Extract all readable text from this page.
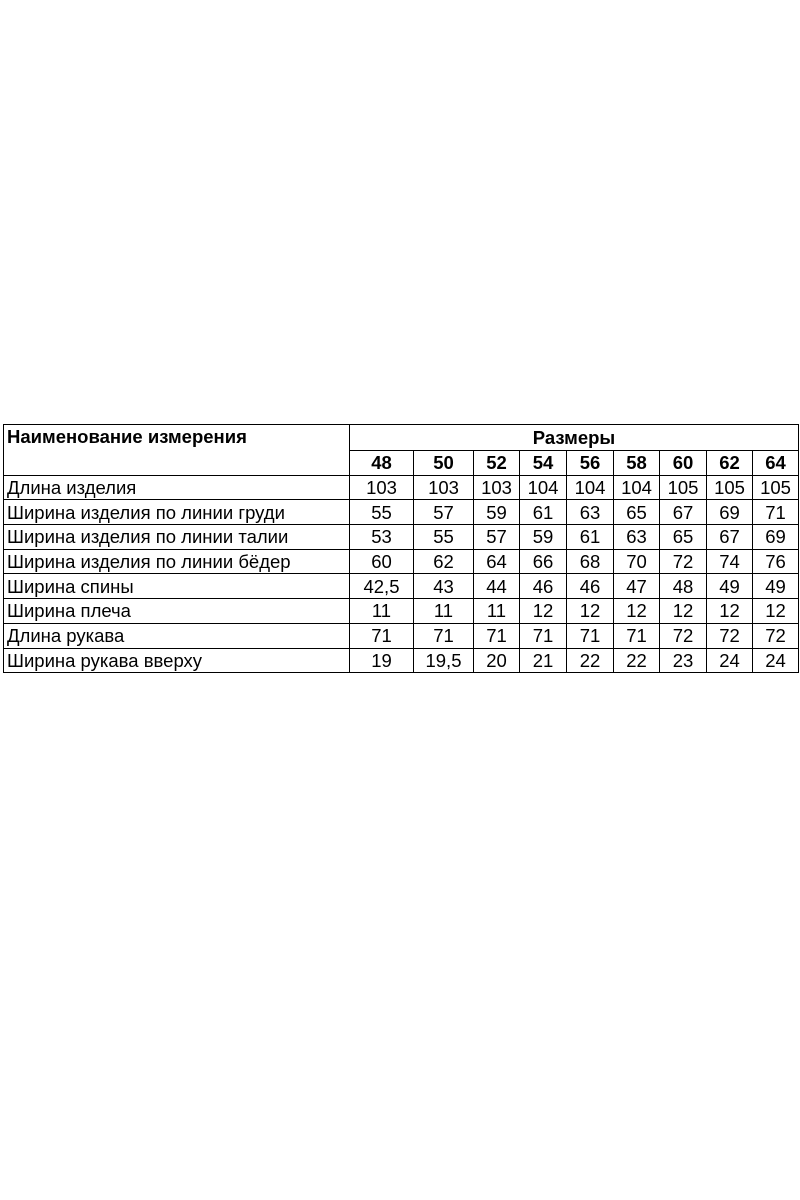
Наименование измерения	Размеры								
	48	50	52	54	56	58	60	62	64
Длина изделия	103	103	103	104	104	104	105	105	105
Ширина изделия по линии груди	55	57	59	61	63	65	67	69	71
Ширина изделия по линии талии	53	55	57	59	61	63	65	67	69
Ширина изделия по линии бёдер	60	62	64	66	68	70	72	74	76
Ширина спины	42,5	43	44	46	46	47	48	49	49
Ширина плеча	11	11	11	12	12	12	12	12	12
Длина рукава	71	71	71	71	71	71	72	72	72
Ширина рукава вверху	19	19,5	20	21	22	22	23	24	24
